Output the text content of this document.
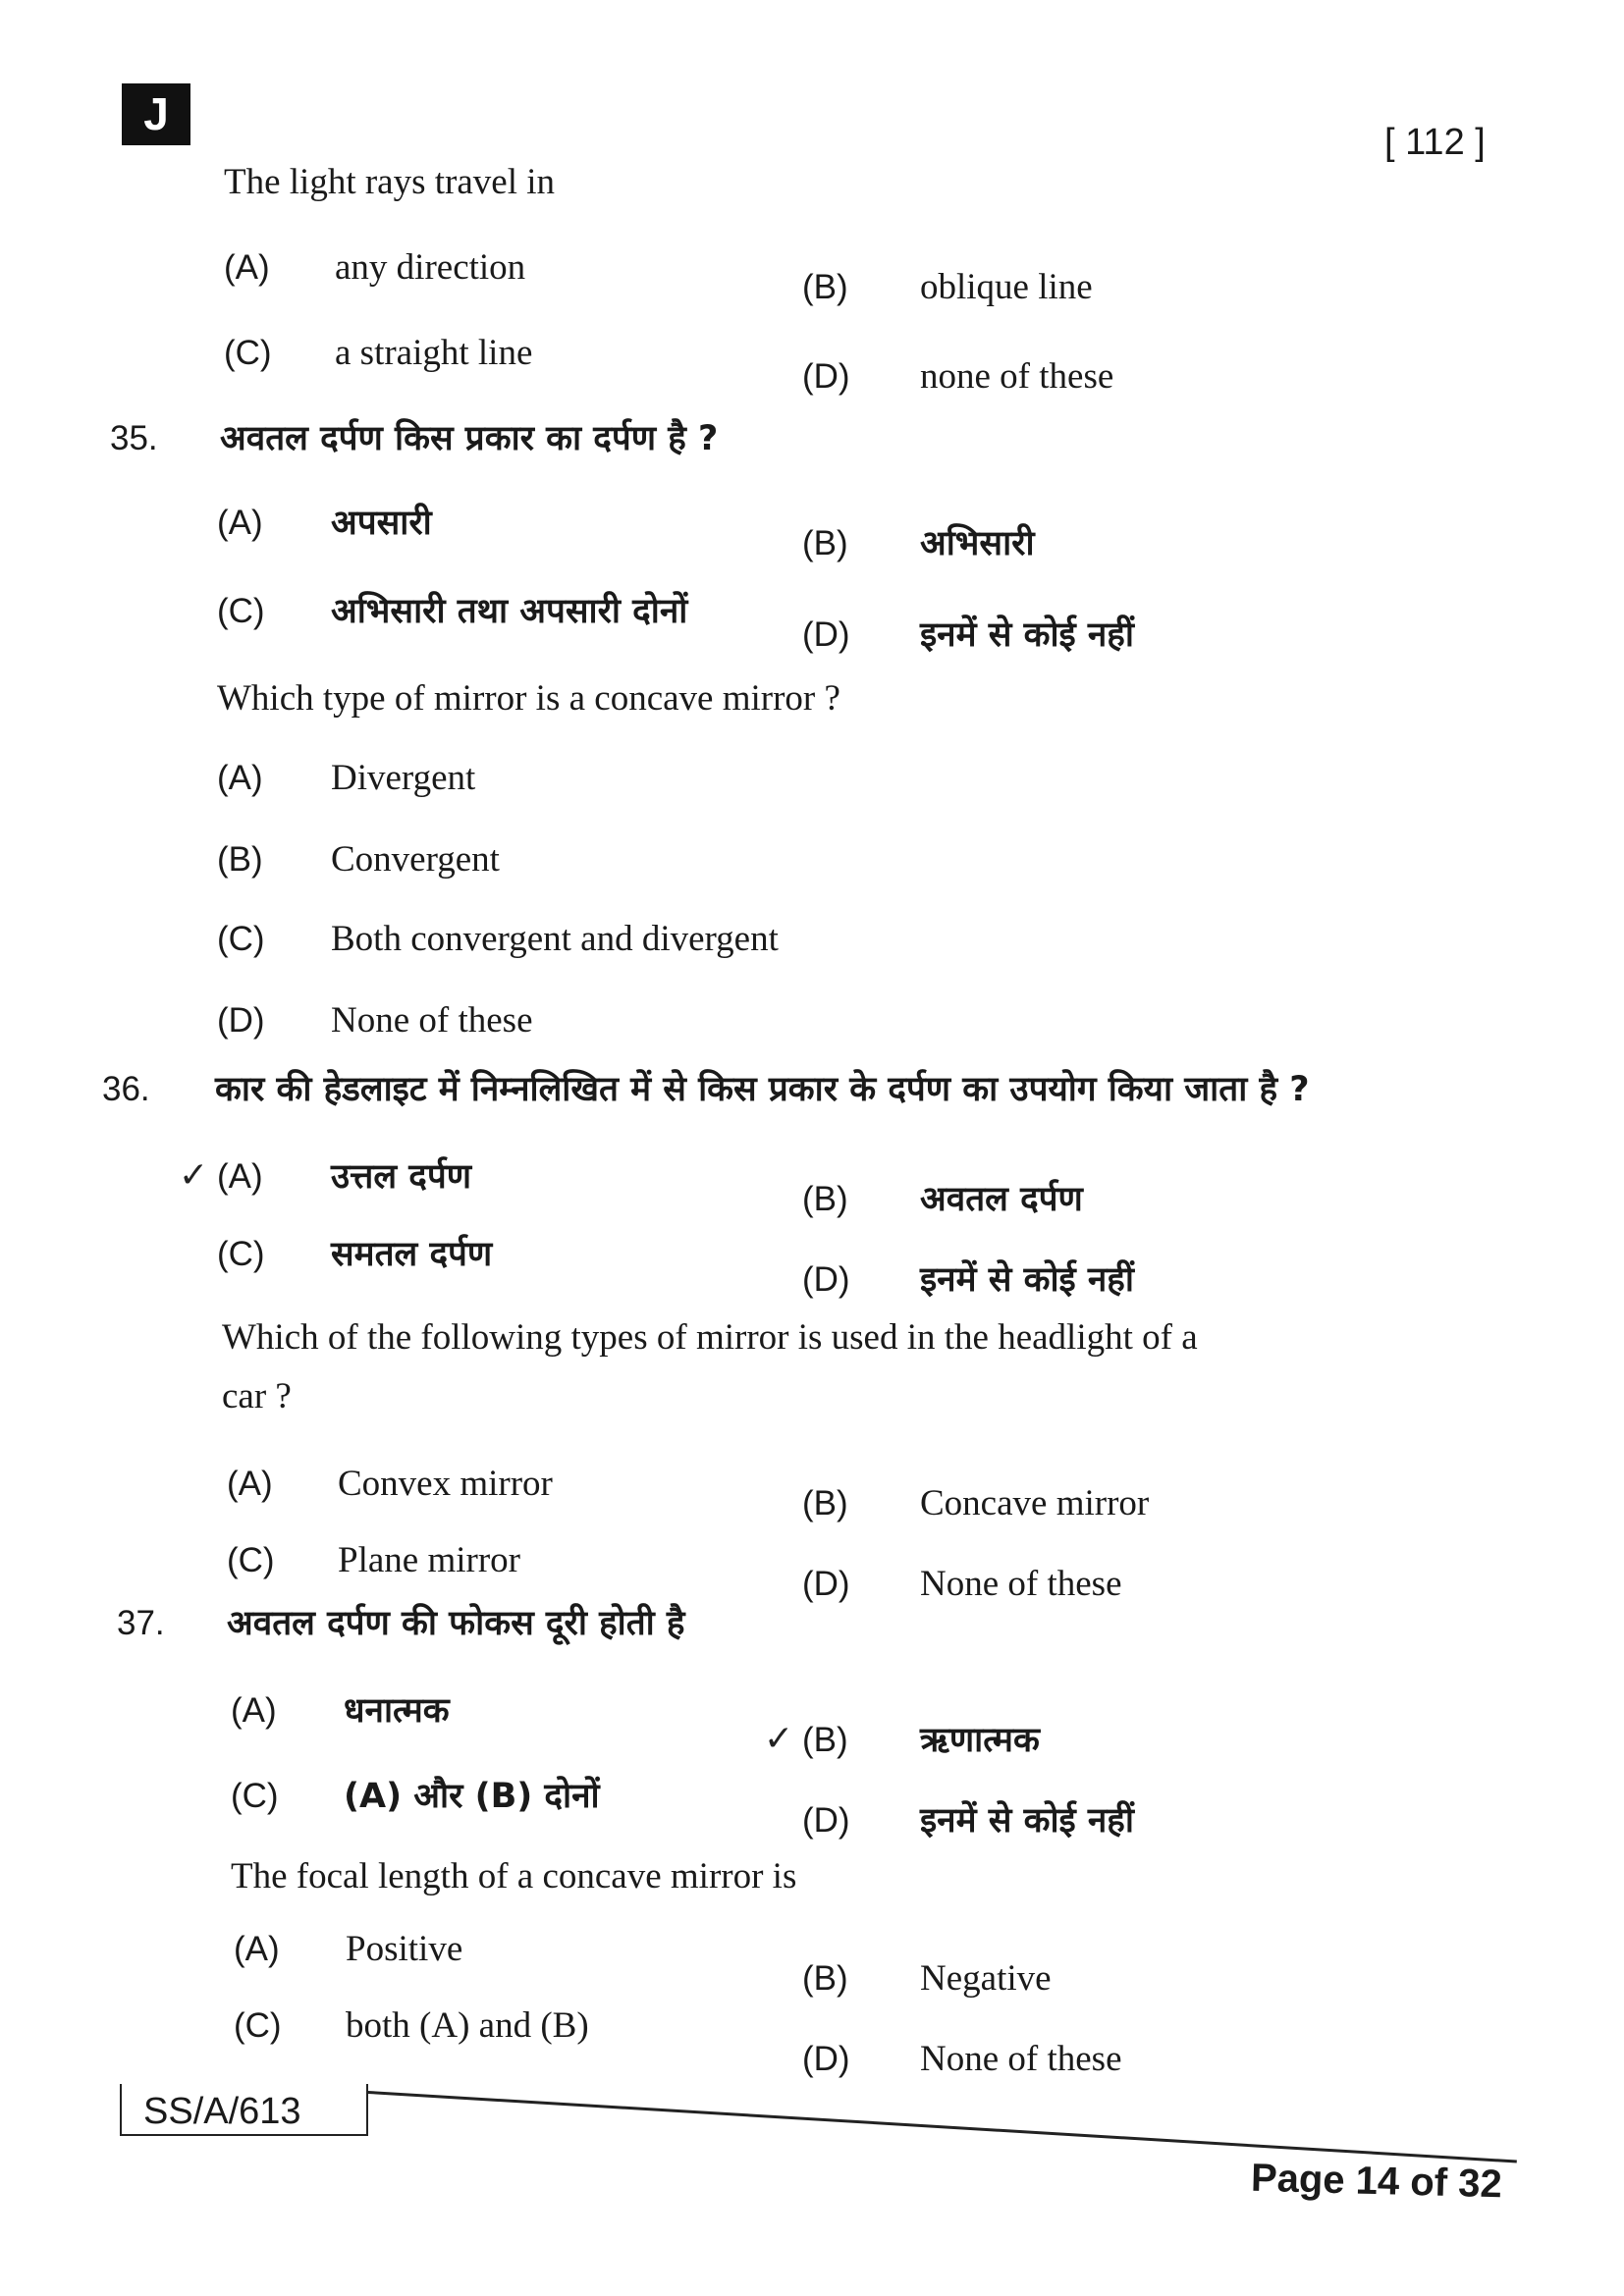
J
[ 112 ]
The light rays travel in
(A) any direction	(B) oblique line
(C) a straight line
(D) none of these
35. अवतल दर्पण किस प्रकार का दर्पण है ?
(A) अपसारी
(B) अभिसारी
(C) अभिसारी तथा अपसारी दोनों
(D) इनमें से कोई नहीं
Which type of mirror is a concave mirror ?
(A) Divergent
(B) Convergent
(C) Both convergent and divergent
(D) None of these
36. कार की हेडलाइट में निम्नलिखित में से किस प्रकार के दर्पण का उपयोग किया जाता है ?
(A) उत्तल दर्पण
(B) अवतल दर्पण
(C) समतल दर्पण
(D) इनमें से कोई नहीं
Which of the following types of mirror is used in the headlight of a
car ?
(A) Convex mirror	(B) Concave mirror
(C) Plane mirror
(D) None of these
37. अवतल दर्पण की फोकस दूरी होती है
(A) धनात्मक
(B) ऋणात्मक
(C) (A) और (B) दोनों
(D) इनमें से कोई नहीं
The focal length of a concave mirror is
(A) Positive
(B) Negative
(C) both (A) and (B)
(D) None of these
✓
✓
SS/A/613
Page 14 of 32
